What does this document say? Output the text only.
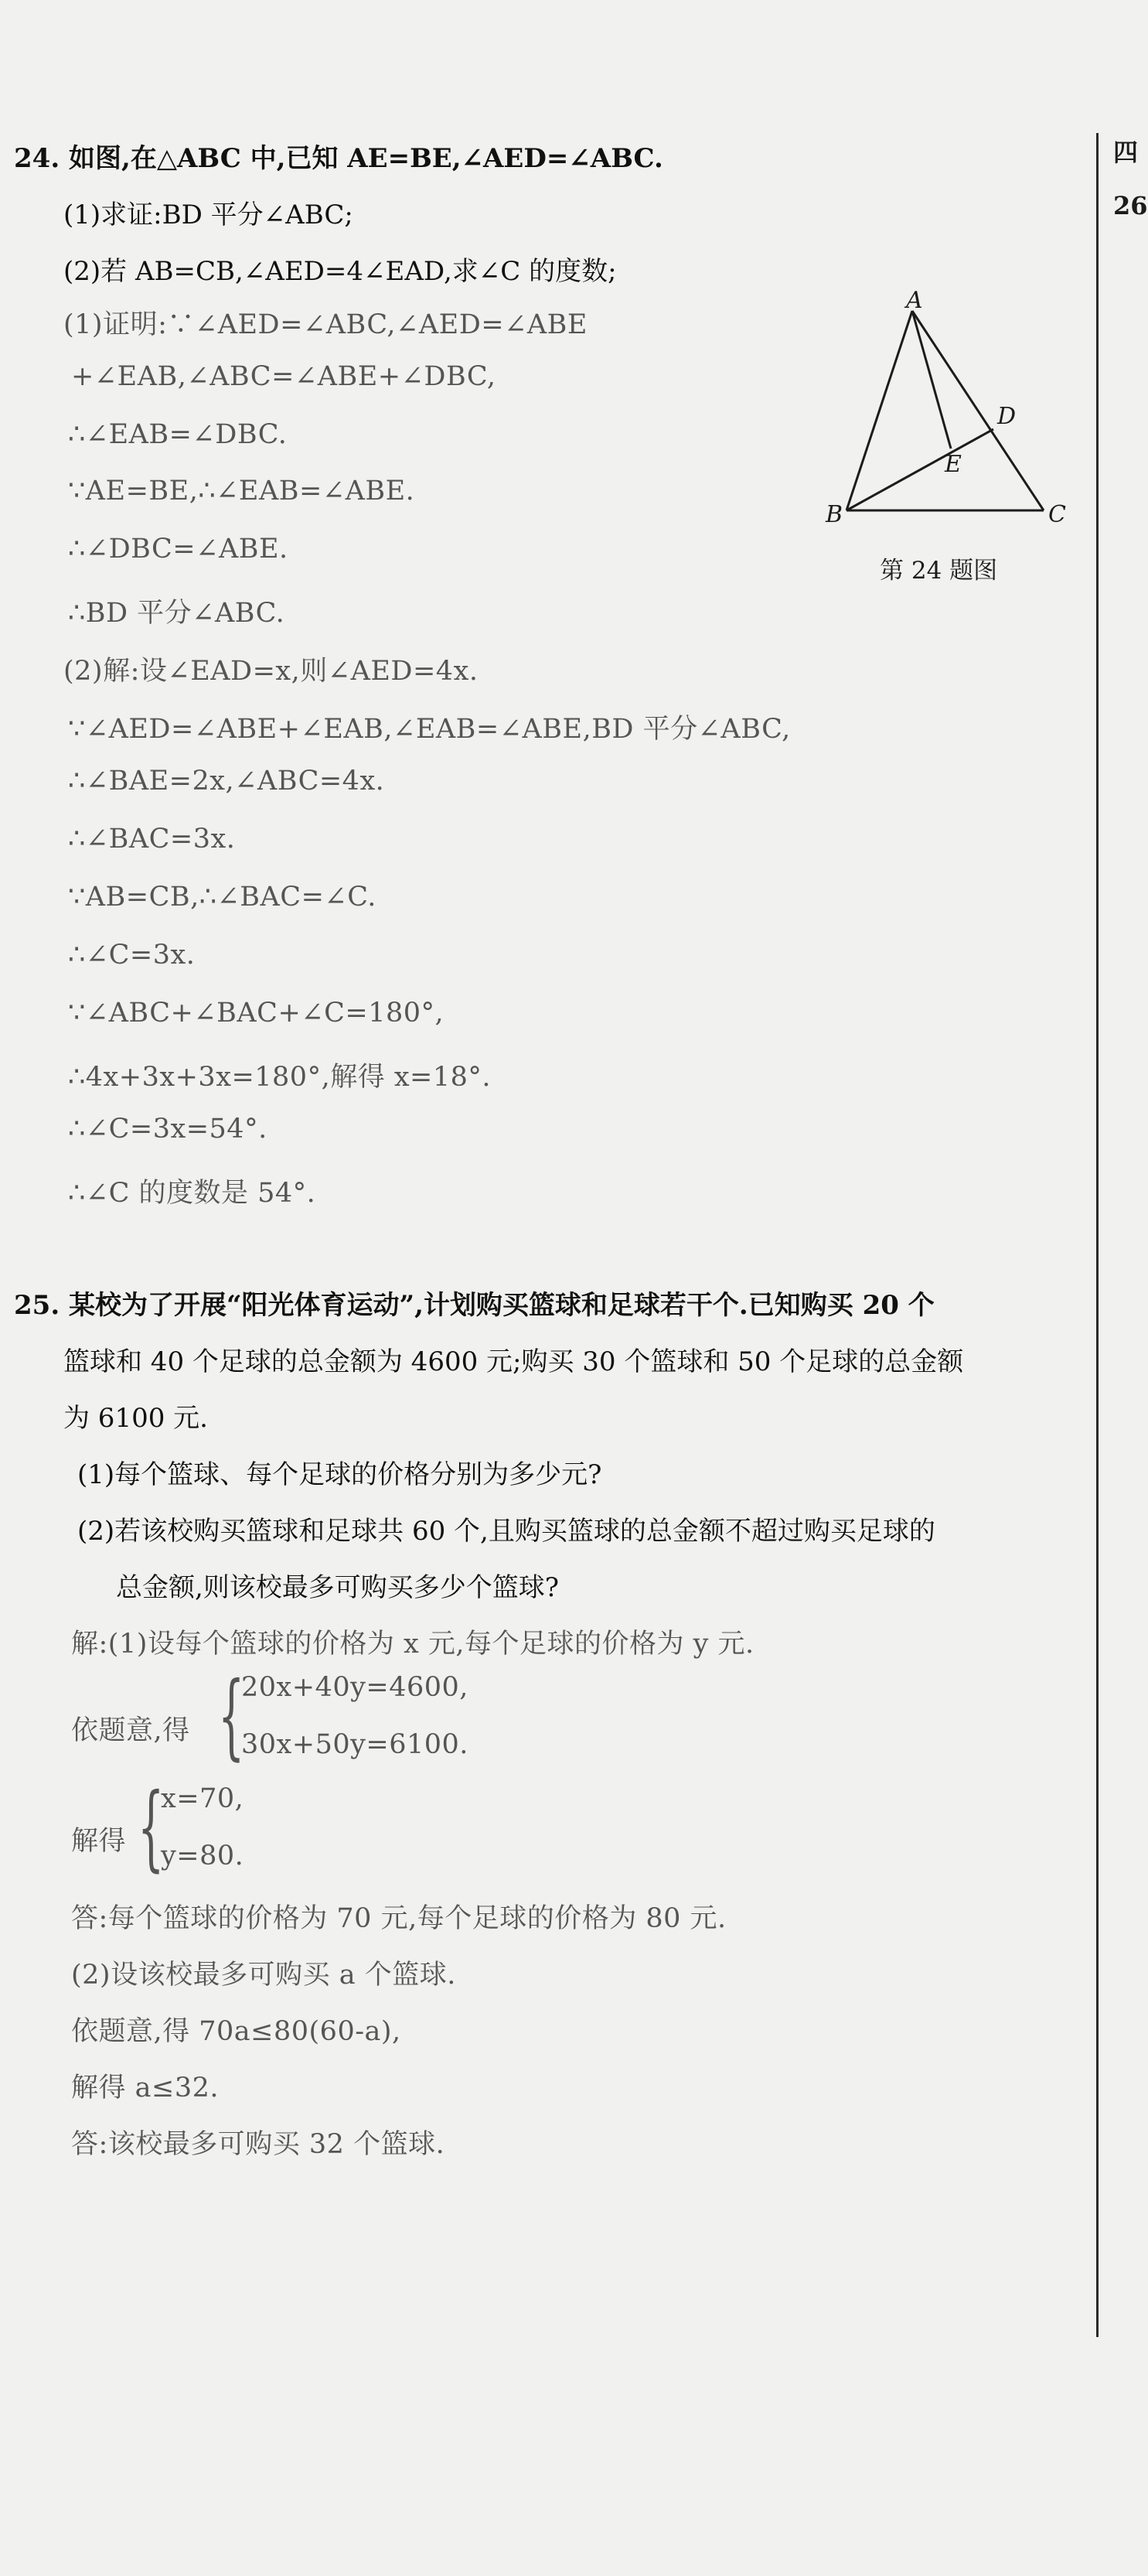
四
26
24. 如图,在△ABC 中,已知 AE=BE,∠AED=∠ABC.
(1)求证:BD 平分∠ABC;
(2)若 AB=CB,∠AED=4∠EAD,求∠C 的度数;
(1)证明:∵∠AED=∠ABC,∠AED=∠ABE
+∠EAB,∠ABC=∠ABE+∠DBC,
∴∠EAB=∠DBC.
∵AE=BE,∴∠EAB=∠ABE.
∴∠DBC=∠ABE.
∴BD 平分∠ABC.
(2)解:设∠EAD=x,则∠AED=4x.
∵∠AED=∠ABE+∠EAB,∠EAB=∠ABE,BD 平分∠ABC,
∴∠BAE=2x,∠ABC=4x.
∴∠BAC=3x.
∵AB=CB,∴∠BAC=∠C.
∴∠C=3x.
∵∠ABC+∠BAC+∠C=180°,
∴4x+3x+3x=180°,解得 x=18°.
∴∠C=3x=54°.
∴∠C 的度数是 54°.
A
B	C
D
E
第 24 题图
25. 某校为了开展“阳光体育运动”,计划购买篮球和足球若干个.已知购买 20 个
篮球和 40 个足球的总金额为 4600 元;购买 30 个篮球和 50 个足球的总金额
为 6100 元.
(1)每个篮球、每个足球的价格分别为多少元?
(2)若该校购买篮球和足球共 60 个,且购买篮球的总金额不超过购买足球的
总金额,则该校最多可购买多少个篮球?
解:(1)设每个篮球的价格为 x 元,每个足球的价格为 y 元.
依题意,得 {
20x+40y=4600,
30x+50y=6100.
解得 {
x=70,
y=80.
答:每个篮球的价格为 70 元,每个足球的价格为 80 元.
(2)设该校最多可购买 a 个篮球.
依题意,得 70a≤80(60-a),
解得 a≤32.
答:该校最多可购买 32 个篮球.
